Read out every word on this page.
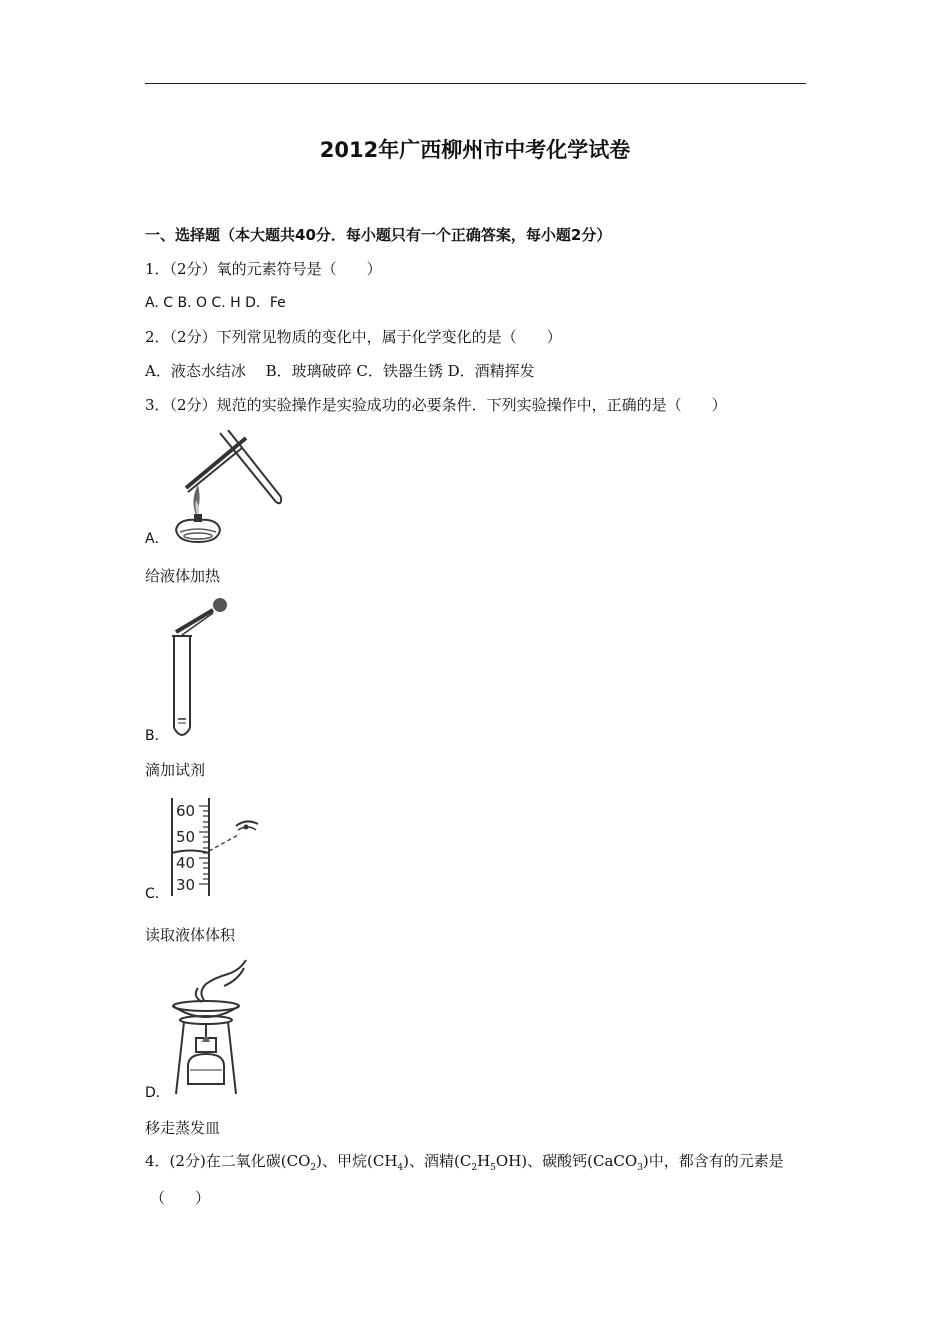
2012年广西柳州市中考化学试卷
一、选择题（本大题共40分．每小题只有一个正确答案，每小题2分）
1．（2分）氧的元素符号是（　　）
A. C B. O C. H D．Fe
2．（2分）下列常见物质的变化中，属于化学变化的是（　　）
A．液态水结冰　 B．玻璃破碎 C．铁器生锈 D．酒精挥发
3．（2分）规范的实验操作是实验成功的必要条件．下列实验操作中，正确的是（　　）
A．
给液体加热
B．
滴加试剂
60
50
40
30
C．
读取液体体积
D．
移走蒸发皿
4．(2分)在二氧化碳$(CO_2)$、甲烷$(CH_4)$、酒精$(C_2H_5OH)$、碳酸钙(CaCO$_3$)中，都含有的元素是
（　　）
